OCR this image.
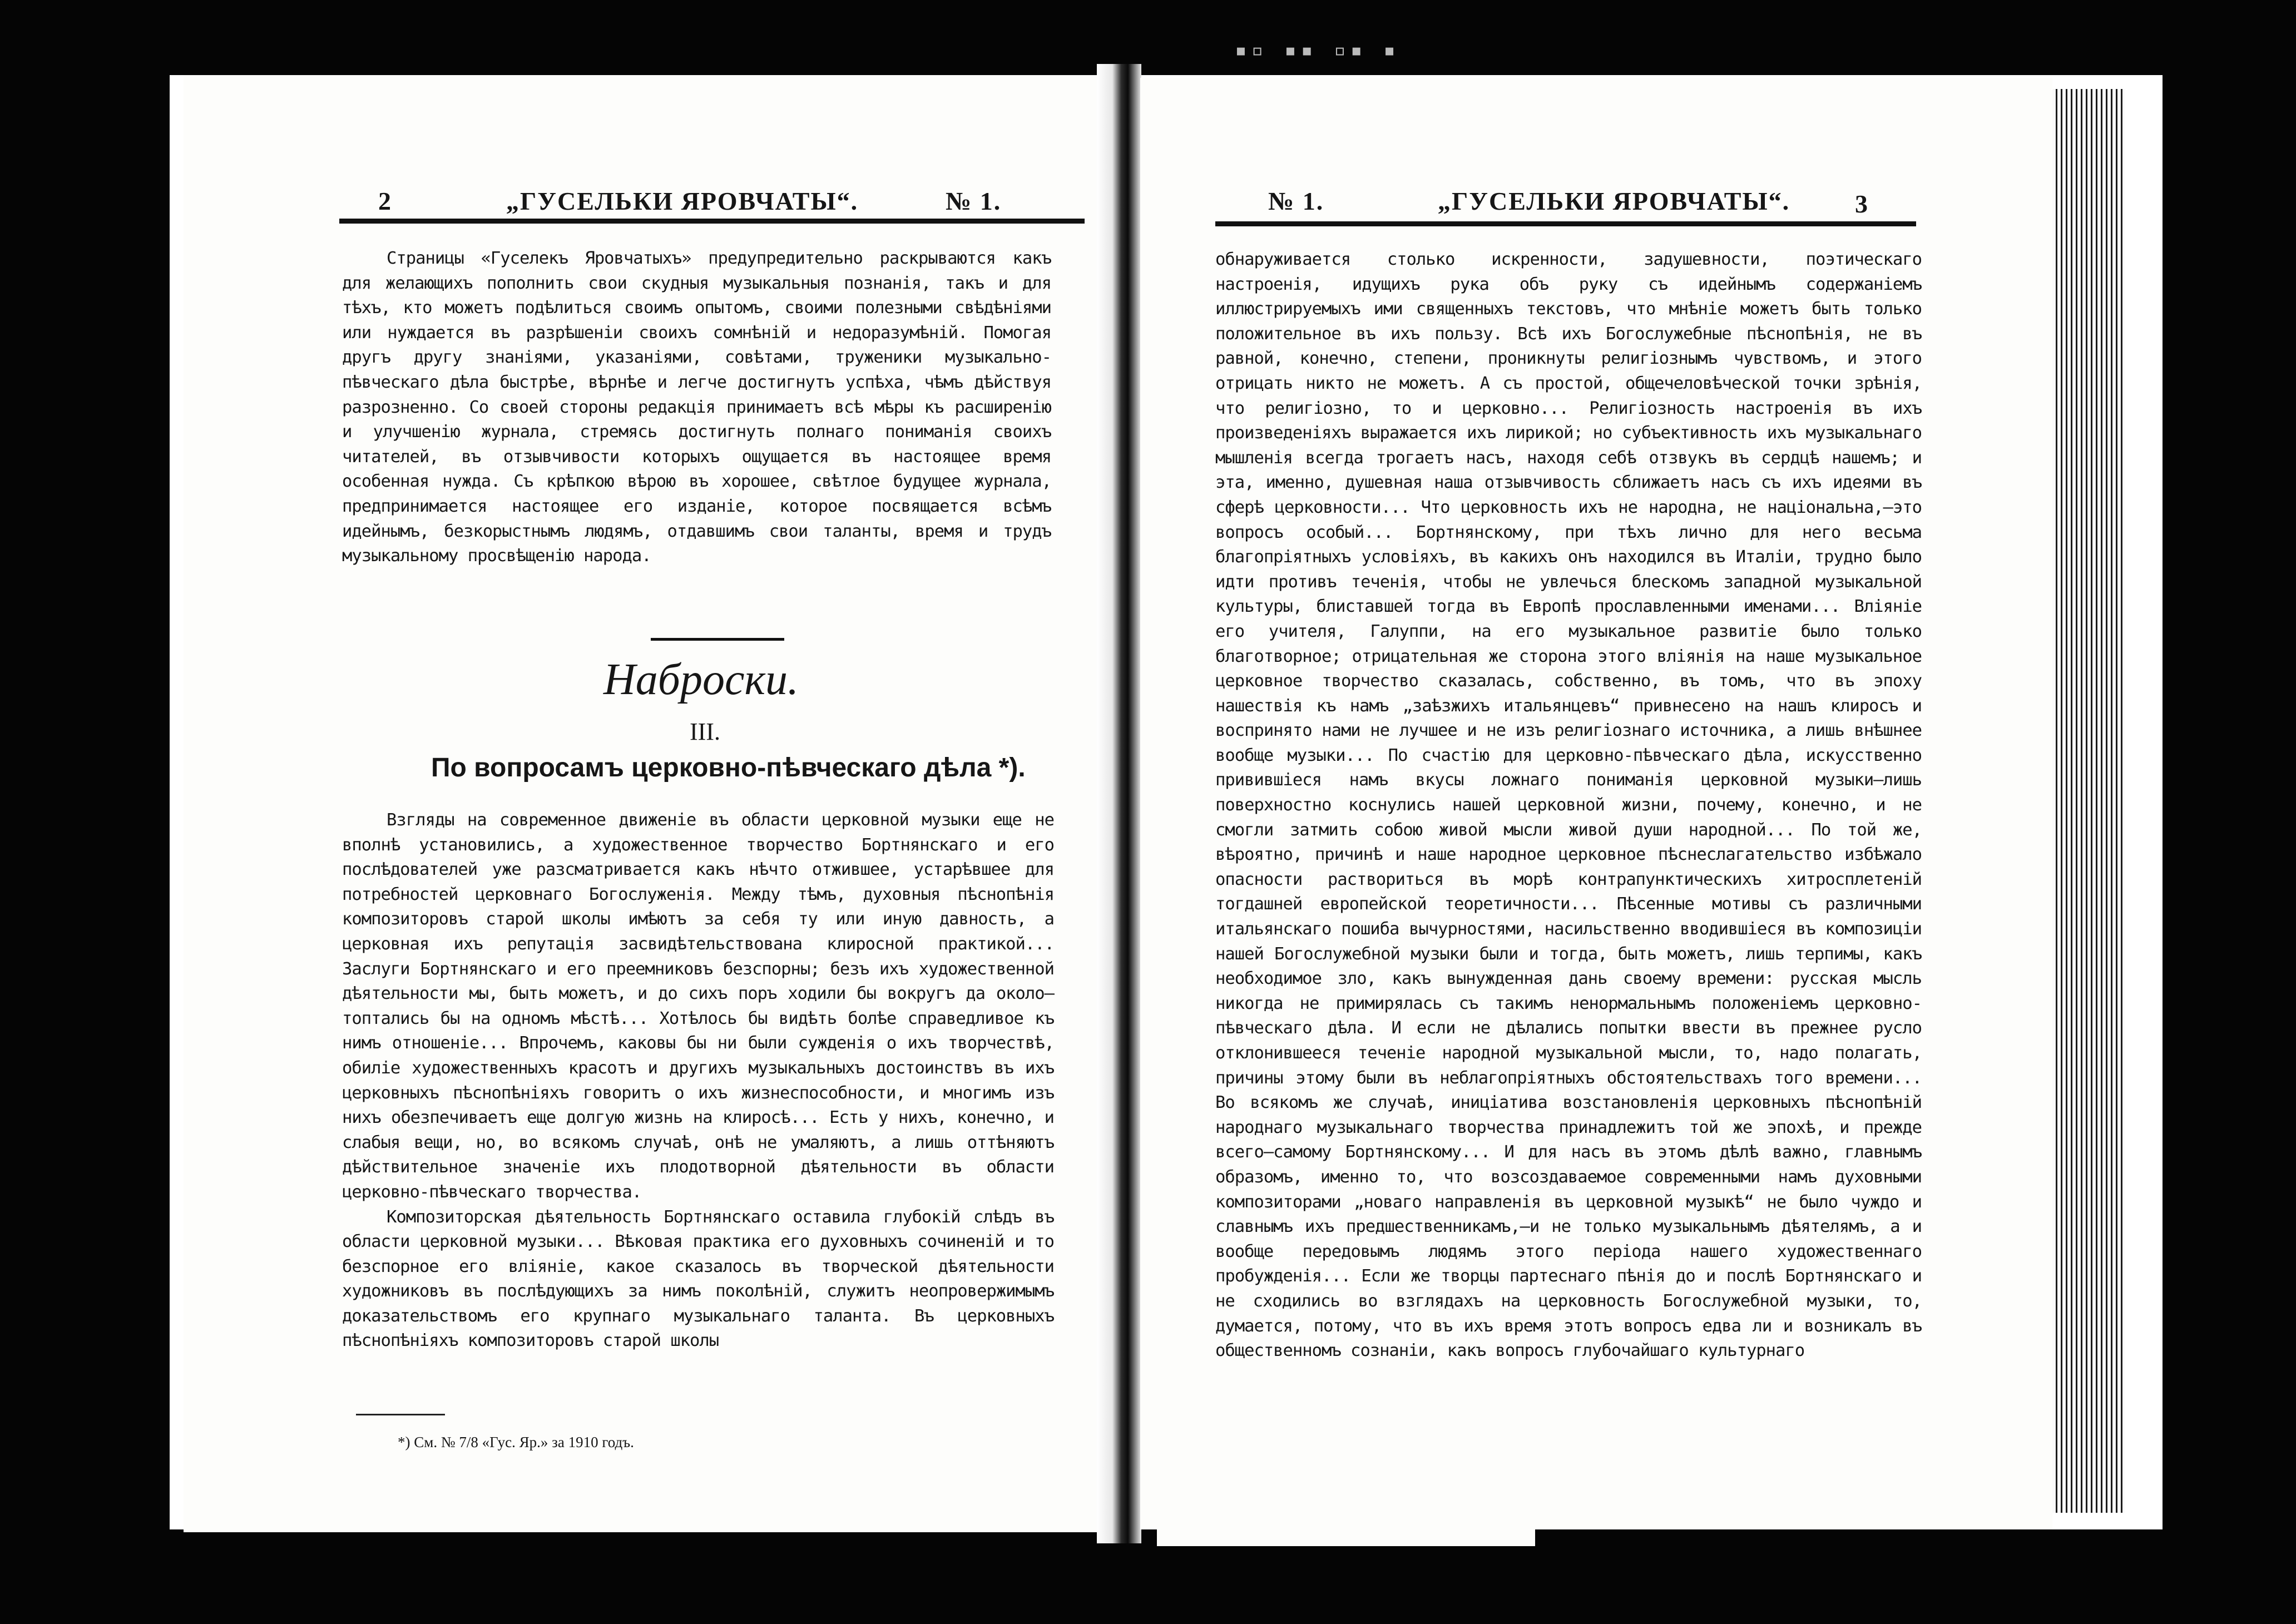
▪▫ ▪▪ ▫▪ ▪
2	„ГУСЕЛЬКИ ЯРОВЧАТЫ“.	№ 1.

Страницы «Гуселекъ Яровчатыхъ» предупредительно раскрываются какъ для желающихъ пополнить свои скудныя музыкальныя познанія, такъ и для тѣхъ, кто можетъ подѣлиться своимъ опытомъ, своими полезными свѣдѣніями или нуждается въ разрѣшеніи своихъ сомнѣній и недоразумѣній. Помогая другъ другу знаніями, указаніями, совѣтами, труженики музыкально-пѣвческаго дѣла быстрѣе, вѣрнѣе и легче достигнутъ успѣха, чѣмъ дѣйствуя разрозненно. Со своей стороны редакція принимаетъ всѣ мѣры къ расширенію и улучшенію журнала, стремясь достигнуть полнаго пониманія своихъ читателей, въ отзывчивости которыхъ ощущается въ настоящее время особенная нужда. Съ крѣпкою вѣрою въ хорошее, свѣтлое будущее журнала, предпринимается настоящее его изданіе, которое посвящается всѣмъ идейнымъ, безкорыстнымъ людямъ, отдавшимъ свои таланты, время и трудъ музыкальному просвѣщенію народа.

Наброски.
III.
По вопросамъ церковно-пѣвческаго дѣла *).

Взгляды на современное движеніе въ области церковной музыки еще не вполнѣ установились, а художественное творчество Бортнянскаго и его послѣдователей уже разсматривается какъ нѣчто отжившее, устарѣвшее для потребностей церковнаго Богослуженія. Между тѣмъ, духовныя пѣснопѣнія композиторовъ старой школы имѣютъ за себя ту или иную давность, а церковная ихъ репутація засвидѣтельствована клиросной практикой... Заслуги Бортнянскаго и его преемниковъ безспорны; безъ ихъ художественной дѣятельности мы, быть можетъ, и до сихъ поръ ходили бы вокругъ да около—топтались бы на одномъ мѣстѣ... Хотѣлось бы видѣть болѣе справедливое къ нимъ отношеніе... Впрочемъ, каковы бы ни были сужденія о ихъ творчествѣ, обиліе художественныхъ красотъ и другихъ музыкальныхъ достоинствъ въ ихъ церковныхъ пѣснопѣніяхъ говоритъ о ихъ жизнеспособности, и многимъ изъ нихъ обезпечиваетъ еще долгую жизнь на клиросѣ... Есть у нихъ, конечно, и слабыя вещи, но, во всякомъ случаѣ, онѣ не умаляютъ, а лишь оттѣняютъ дѣйствительное значеніе ихъ плодотворной дѣятельности въ области церковно-пѣвческаго творчества.

Композиторская дѣятельность Бортнянскаго оставила глубокій слѣдъ въ области церковной музыки... Вѣковая практика его духовныхъ сочиненій и то безспорное его вліяніе, какое сказалось въ творческой дѣятельности художниковъ въ послѣдующихъ за нимъ поколѣній, служитъ неопровержимымъ доказательствомъ его крупнаго музыкальнаго таланта. Въ церковныхъ пѣснопѣніяхъ композиторовъ старой школы

*) См. № 7/8 «Гус. Яр.» за 1910 годъ.
№ 1.	„ГУСЕЛЬКИ ЯРОВЧАТЫ“.	3

обнаруживается столько искренности, задушевности, поэтическаго настроенія, идущихъ рука объ руку съ идейнымъ содержаніемъ иллюстрируемыхъ ими священныхъ текстовъ, что мнѣніе можетъ быть только положительное въ ихъ пользу. Всѣ ихъ Богослужебные пѣснопѣнія, не въ равной, конечно, степени, проникнуты религіознымъ чувствомъ, и этого отрицать никто не можетъ. А съ простой, общечеловѣческой точки зрѣнія, что религіозно, то и церковно... Религіозность настроенія въ ихъ произведеніяхъ выражается ихъ лирикой; но субъективность ихъ музыкальнаго мышленія всегда трогаетъ насъ, находя себѣ отзвукъ въ сердцѣ нашемъ; и эта, именно, душевная наша отзывчивость сближаетъ насъ съ ихъ идеями въ сферѣ церковности... Что церковность ихъ не народна, не національна,—это вопросъ особый... Бортнянскому, при тѣхъ лично для него весьма благопріятныхъ условіяхъ, въ какихъ онъ находился въ Италіи, трудно было идти противъ теченія, чтобы не увлечься блескомъ западной музыкальной культуры, блиставшей тогда въ Европѣ прославленными именами... Вліяніе его учителя, Галуппи, на его музыкальное развитіе было только благотворное; отрицательная же сторона этого вліянія на наше музыкальное церковное творчество сказалась, собственно, въ томъ, что въ эпоху нашествія къ намъ „заѣзжихъ итальянцевъ“ привнесено на нашъ клиросъ и воспринято нами не лучшее и не изъ религіознаго источника, а лишь внѣшнее вообще музыки... По счастію для церковно-пѣвческаго дѣла, искусственно привившіеся намъ вкусы ложнаго пониманія церковной музыки—лишь поверхностно коснулись нашей церковной жизни, почему, конечно, и не смогли затмить собою живой мысли живой души народной... По той же, вѣроятно, причинѣ и наше народное церковное пѣснеслагательство избѣжало опасности раствориться въ морѣ контрапунктическихъ хитросплетеній тогдашней европейской теоретичности... Пѣсенные мотивы съ различными итальянскаго пошиба вычурностями, насильственно вводившіеся въ композиціи нашей Богослужебной музыки были и тогда, быть можетъ, лишь терпимы, какъ необходимое зло, какъ вынужденная дань своему времени: русская мысль никогда не примирялась съ такимъ ненормальнымъ положеніемъ церковно-пѣвческаго дѣла. И если не дѣлались попытки ввести въ прежнее русло отклонившееся теченіе народной музыкальной мысли, то, надо полагать, причины этому были въ неблагопріятныхъ обстоятельствахъ того времени... Во всякомъ же случаѣ, иниціатива возстановленія церковныхъ пѣснопѣній народнаго музыкальнаго творчества принадлежитъ той же эпохѣ, и прежде всего—самому Бортнянскому... И для насъ въ этомъ дѣлѣ важно, главнымъ образомъ, именно то, что возсоздаваемое современными намъ духовными композиторами „новаго направленія въ церковной музыкѣ“ не было чуждо и славнымъ ихъ предшественникамъ,—и не только музыкальнымъ дѣятелямъ, а и вообще передовымъ людямъ этого періода нашего художественнаго пробужденія... Если же творцы партеснаго пѣнія до и послѣ Бортнянскаго и не сходились во взглядахъ на церковность Богослужебной музыки, то, думается, потому, что въ ихъ время этотъ вопросъ едва ли и возникалъ въ общественномъ сознаніи, какъ вопросъ глубочайшаго культурнаго
